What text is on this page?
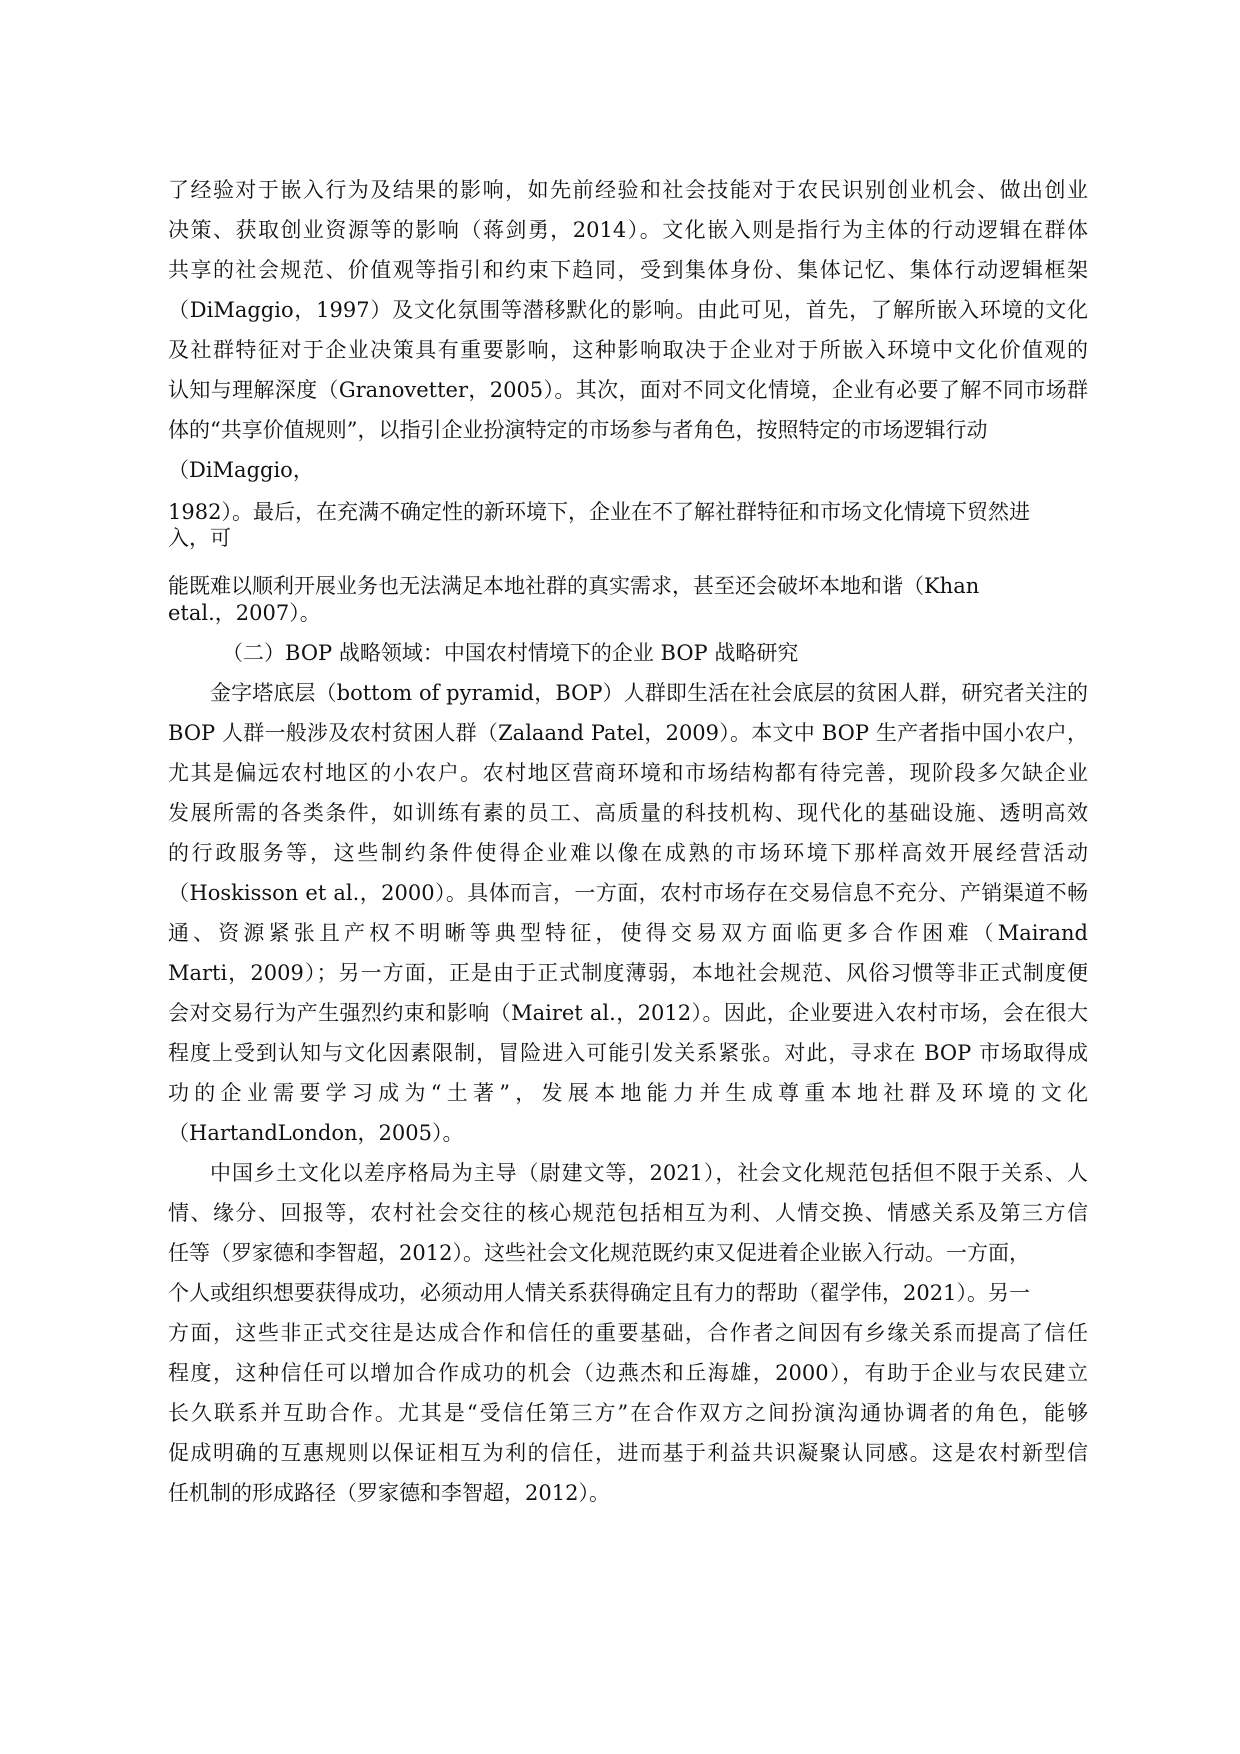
了经验对于嵌入行为及结果的影响，如先前经验和社会技能对于农民识别创业机会、做出创业
决策、获取创业资源等的影响（蒋剑勇，2014）。文化嵌入则是指行为主体的行动逻辑在群体
共享的社会规范、价值观等指引和约束下趋同，受到集体身份、集体记忆、集体行动逻辑框架
（DiMaggio，1997）及文化氛围等潜移默化的影响。由此可见，首先，了解所嵌入环境的文化
及社群特征对于企业决策具有重要影响，这种影响取决于企业对于所嵌入环境中文化价值观的
认知与理解深度（Granovetter，2005）。其次，面对不同文化情境，企业有必要了解不同市场群
体的“共享价值规则”，以指引企业扮演特定的市场参与者角色，按照特定的市场逻辑行动
（DiMaggio，
1982）。最后，在充满不确定性的新环境下，企业在不了解社群特征和市场文化情境下贸然进
入，可
能既难以顺利开展业务也无法满足本地社群的真实需求，甚至还会破坏本地和谐（Khan
etal.，2007）。
（二）BOP 战略领域：中国农村情境下的企业 BOP 战略研究
金字塔底层（bottom of pyramid，BOP）人群即生活在社会底层的贫困人群，研究者关注的
BOP 人群一般涉及农村贫困人群（Zalaand Patel，2009）。本文中 BOP 生产者指中国小农户，
尤其是偏远农村地区的小农户。农村地区营商环境和市场结构都有待完善，现阶段多欠缺企业
发展所需的各类条件，如训练有素的员工、高质量的科技机构、现代化的基础设施、透明高效
的行政服务等，这些制约条件使得企业难以像在成熟的市场环境下那样高效开展经营活动
（Hoskisson et al.，2000）。具体而言，一方面，农村市场存在交易信息不充分、产销渠道不畅
通、资源紧张且产权不明晰等典型特征，使得交易双方面临更多合作困难（Mairand
Marti，2009）；另一方面，正是由于正式制度薄弱，本地社会规范、风俗习惯等非正式制度便
会对交易行为产生强烈约束和影响（Mairet al.，2012）。因此，企业要进入农村市场，会在很大
程度上受到认知与文化因素限制，冒险进入可能引发关系紧张。对此，寻求在 BOP 市场取得成
功的企业需要学习成为“土著”，发展本地能力并生成尊重本地社群及环境的文化
（HartandLondon，2005）。
中国乡土文化以差序格局为主导（尉建文等，2021），社会文化规范包括但不限于关系、人
情、缘分、回报等，农村社会交往的核心规范包括相互为利、人情交换、情感关系及第三方信
任等（罗家德和李智超，2012）。这些社会文化规范既约束又促进着企业嵌入行动。一方面，
个人或组织想要获得成功，必须动用人情关系获得确定且有力的帮助（翟学伟，2021）。另一
方面，这些非正式交往是达成合作和信任的重要基础，合作者之间因有乡缘关系而提高了信任
程度，这种信任可以增加合作成功的机会（边燕杰和丘海雄，2000），有助于企业与农民建立
长久联系并互助合作。尤其是“受信任第三方”在合作双方之间扮演沟通协调者的角色，能够
促成明确的互惠规则以保证相互为利的信任，进而基于利益共识凝聚认同感。这是农村新型信
任机制的形成路径（罗家德和李智超，2012）。
